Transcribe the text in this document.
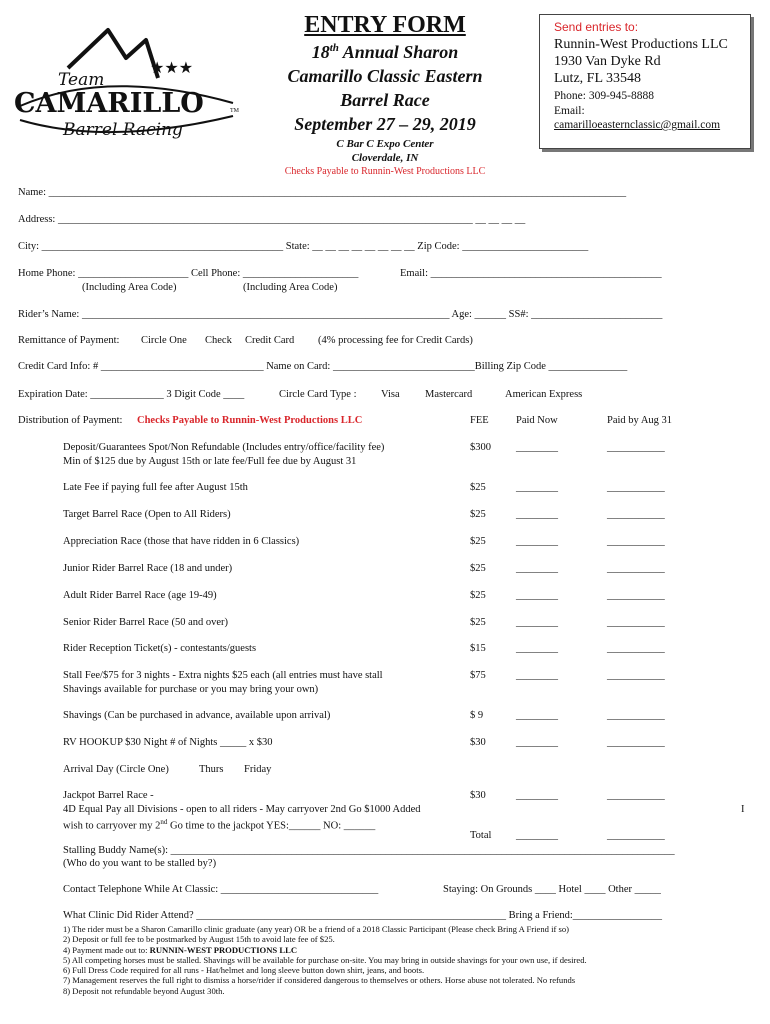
★★★
Team
CAMARILLO	TM
Barrel Racing
ENTRY FORM
18th Annual Sharon
Camarillo Classic Eastern
Barrel Race
September 27 – 29, 2019
C Bar C Expo Center
Cloverdale, IN
Checks Payable to Runnin-West Productions LLC
Send entries to:
Runnin-West Productions LLC
1930 Van Dyke Rd
Lutz, FL 33548
Phone: 309-945-8888
Email:
camarilloeasternclassic@gmail.com
Name: ______________________________________________________________________________________________________________
Address: _______________________________________________________________________________ __ __ __ __
City: ______________________________________________ State: __ __ __ __ __ __ __ __ Zip Code: ________________________
Home Phone: _____________________ Cell Phone: ______________________	Email: ____________________________________________
(Including Area Code)	(Including Area Code)
Rider’s Name: ______________________________________________________________________ Age: ______ SS#: _________________________
Remittance of Payment: Circle One Check Credit Card (4% processing fee for Credit Cards)
Credit Card Info: # _______________________________ Name on Card: ___________________________Billing Zip Code _______________
Expiration Date: ______________ 3 Digit Code ____	Circle Card Type : Visa Mastercard	American Express
Distribution of Payment: Checks Payable to Runnin-West Productions LLC	FEE	Paid Now	Paid by Aug 31
Deposit/Guarantees Spot/Non Refundable (Includes entry/office/facility fee)
Min of $125 due by August 15th or late fee/Full fee due by August 31
$300 ________	___________
Late Fee if paying full fee after August 15th	$25	________	___________
Target Barrel Race (Open to All Riders)	$25	________	___________
Appreciation Race (those that have ridden in 6 Classics)	$25	________	___________
Junior Rider Barrel Race (18 and under)	$25	________	___________
Adult Rider Barrel Race (age 19-49)	$25	________	___________
Senior Rider Barrel Race (50 and over)	$25	________	___________
Rider Reception Ticket(s) - contestants/guests	$15	________	___________
Stall Fee/$75 for 3 nights - Extra nights $25 each (all entries must have stall
Shavings available for purchase or you may bring your own)
$75	________	___________
Shavings (Can be purchased in advance, available upon arrival)	$ 9	________	___________
RV HOOKUP $30 Night # of Nights _____ x $30	$30	________	___________
Arrival Day (Circle One)	Thurs Friday
Jackpot Barrel Race -
4D Equal Pay all Divisions - open to all riders - May carryover 2nd Go $1000 Added
wish to carryover my 2nd Go time to the jackpot YES:______ NO: ______
$30	________	___________
I
Total ________	___________
Stalling Buddy Name(s): ________________________________________________________________________________________________
(Who do you want to be stalled by?)
Contact Telephone While At Classic: ______________________________	Staying: On Grounds ____ Hotel ____ Other _____
What Clinic Did Rider Attend? ___________________________________________________________ Bring a Friend:_________________
1) The rider must be a Sharon Camarillo clinic graduate (any year) OR be a friend of a 2018 Classic Participant (Please check Bring A Friend if so)
2) Deposit or full fee to be postmarked by August 15th to avoid late fee of $25.
4) Payment made out to: RUNNIN-WEST PRODUCTIONS LLC
5) All competing horses must be stalled. Shavings will be available for purchase on-site. You may bring in outside shavings for your own use, if desired.
6) Full Dress Code required for all runs - Hat/helmet and long sleeve button down shirt, jeans, and boots.
7) Management reserves the full right to dismiss a horse/rider if considered dangerous to themselves or others. Horse abuse not tolerated. No refunds
8) Deposit not refundable beyond August 30th.
